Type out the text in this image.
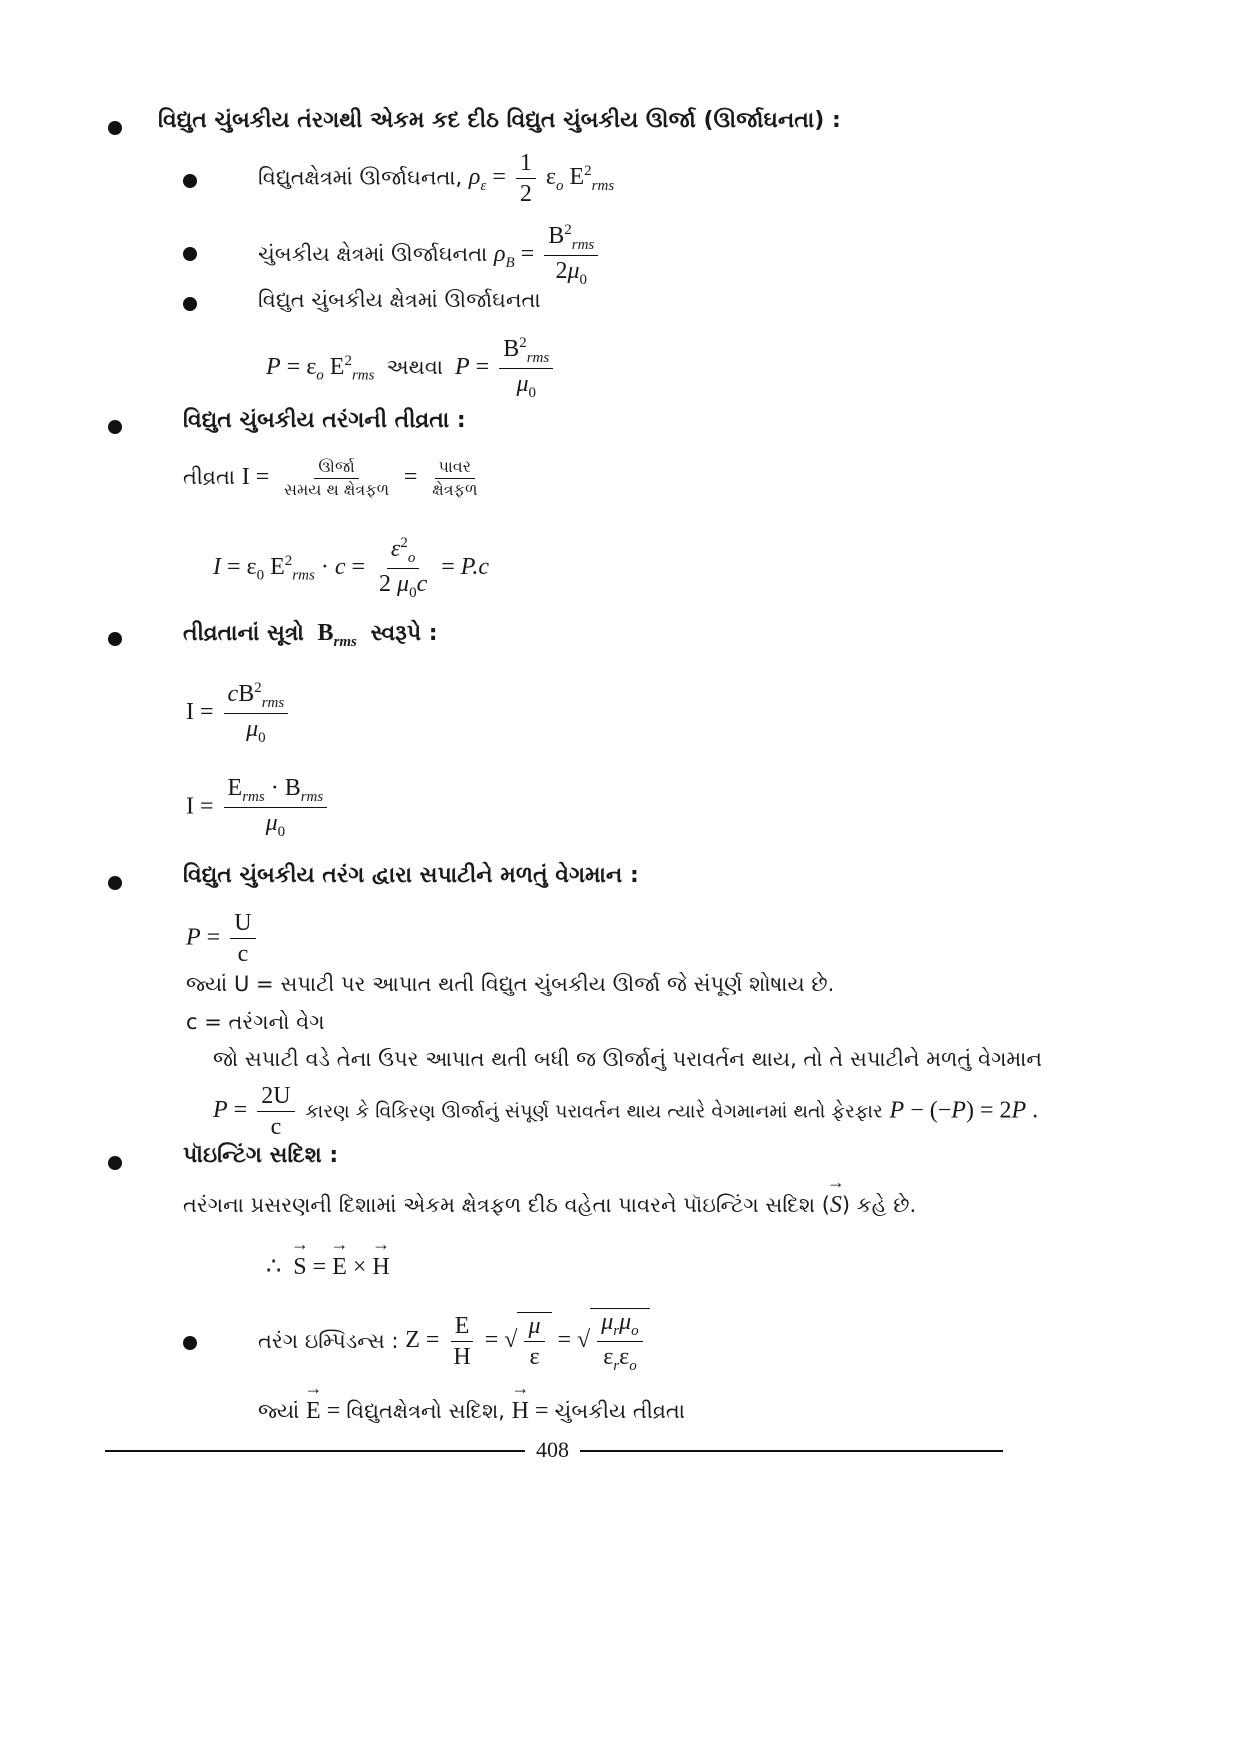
વિદ્યુત ચુંબકીય તંરગથી એકમ કદ દીઠ વિદ્યુત ચુંબકીય ઊર્જા (ઊર્જાઘનતા) :
વિદ્યુતક્ષેત્રમાં ઊર્જાઘનતા, $\rho_\varepsilon = \frac{1}{2} \varepsilon_o$ $E^2_{rms}$
ચુંબકીય ક્ષેત્રમાં ઊર્જાઘનતા $\rho_B = \frac{B^2_{rms}}{2\mu_0}$
વિદ્યુત ચુંબકીય ક્ષેત્રમાં ઊર્જાઘનતા
$P = \varepsilon_o$ $E^2_{rms}$ અથવા $P = \frac{B^2_{rms}}{\mu_0}$
વિદ્યુત ચુંબકીય તરંગની તીવ્રતા :
તીવ્રતા $I = \frac{\text{ઊર્જા}}{\text{સમય થ ક્ષેત્રફળ}} = \frac{\text{પાવર}}{\text{ક્ષેત્રફળ}}$
$I = \varepsilon_0$ $E^2_{rms} \cdot c = \frac{\varepsilon^2_o}{2 \mu_0c} = P.c$
તીવ્રતાનાં સૂત્રો $B_{rms}$ સ્વરૂપે :
$I = \frac{cB^2_{rms}}{\mu_0}$
$I = \frac{E_{rms} \cdot B_{rms}}{\mu_0}$
વિદ્યુત ચુંબકીય તરંગ દ્વારા સપાટીને મળતું વેગમાન :
$P = \frac{U}{c}$
જ્યાં U = સપાટી પર આપાત થતી વિદ્યુત ચુંબકીય ઊર્જા જે સંપૂર્ણ શોષાય છે.
c = તરંગનો વેગ
જો સપાટી વડે તેના ઉપર આપાત થતી બધી જ ઊર્જાનું પરાવર્તન થાય, તો તે સપાટીને મળતું વેગમાન
$P = \frac{2U}{c}$ કારણ કે વિકિરણ ઊર્જાનું સંપૂર્ણ પરાવર્તન થાય ત્યારે વેગમાનમાં થતો ફેરફાર P − (−P) = 2P .
પૉઇન્ટિંગ સદિશ :
તરંગના પ્રસરણની દિશામાં એકમ ક્ષેત્રફળ દીઠ વહેતા પાવરને પૉઇન્ટિંગ સદિશ (→ S) કહે છે.
∴  → S = → E × → H
તરંગ ઇમ્પિડન્સ : $Z = \frac{E}{H}$ = √ $\frac{\mu}{\varepsilon}$ = √ $\frac{\mu_r\mu_o}{\varepsilon_r\varepsilon_o}$
જ્યાં → E = વિદ્યુતક્ષેત્રનો સદિશ, → H = ચુંબકીય તીવ્રતા
408
